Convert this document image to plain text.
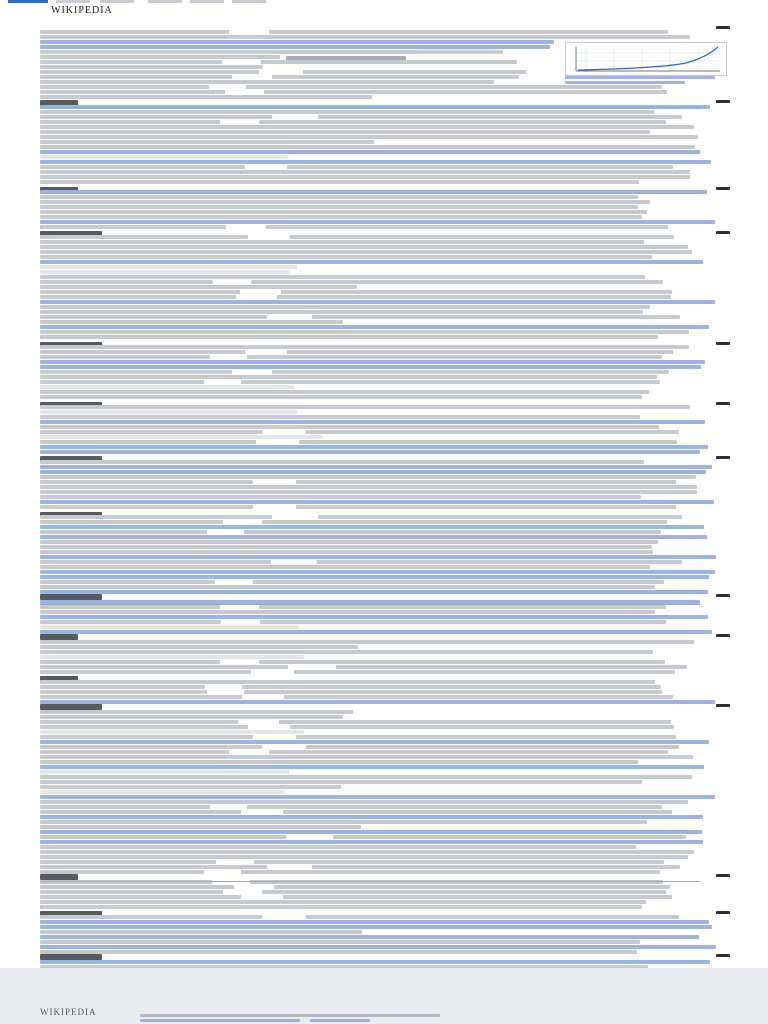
WIKIPEDIA
WIKIPEDIA
